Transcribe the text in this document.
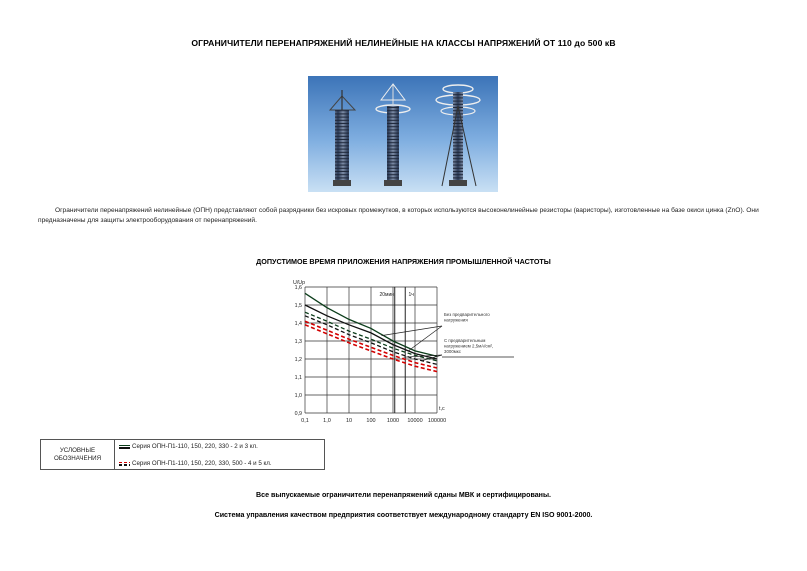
ОГРАНИЧИТЕЛИ ПЕРЕНАПРЯЖЕНИЙ НЕЛИНЕЙНЫЕ НА КЛАССЫ НАПРЯЖЕНИЙ ОТ 110 до 500 кВ
Ограничители перенапряжений нелинейные (ОПН) представляют собой разрядники без искровых промежутков, в которых используются высоконелинейные резисторы (варисторы), изготовленные на базе окиси цинка (ZnO). Они предназначены для защиты электрооборудования от перенапряжений.
ДОПУСТИМОЕ ВРЕМЯ ПРИЛОЖЕНИЯ НАПРЯЖЕНИЯ ПРОМЫШЛЕННОЙ ЧАСТОТЫ
0,1	1,0	10	100 1000 10000 100000
1,6
1,5
1,4
1,3
1,2
1,1
1,0
0,9
U/Uр
t,с
20мин	1ч
Без предварительного нагружения
С предварительным нагружением 2,5мА/см², 3000мкс
УСЛОВНЫЕ
ОБОЗНАЧЕНИЯ
Серия ОПН-П1-110, 150, 220, 330 - 2 и 3 кл.
Серия ОПН-П1-110, 150, 220, 330, 500 - 4 и 5 кл.
Все выпускаемые ограничители перенапряжений сданы МВК и сертифицированы.
Система управления качеством предприятия соответствует международному стандарту EN ISO 9001-2000.
